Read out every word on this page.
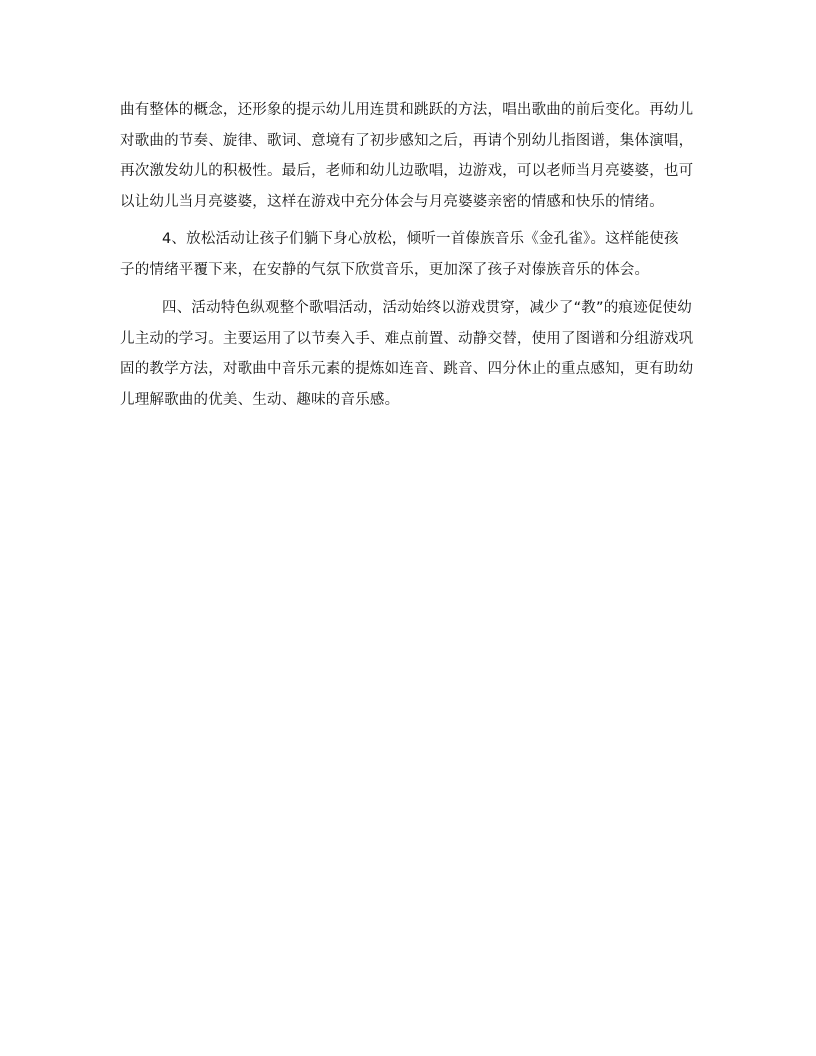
曲有整体的概念，还形象的提示幼儿用连贯和跳跃的方法，唱出歌曲的前后变化。再幼儿
对歌曲的节奏、旋律、歌词、意境有了初步感知之后，再请个别幼儿指图谱，集体演唱，
再次激发幼儿的积极性。最后，老师和幼儿边歌唱，边游戏，可以老师当月亮婆婆，也可
以让幼儿当月亮婆婆，这样在游戏中充分体会与月亮婆婆亲密的情感和快乐的情绪。

4、放松活动让孩子们躺下身心放松，倾听一首傣族音乐《金孔雀》。这样能使孩
子的情绪平覆下来，在安静的气氛下欣赏音乐，更加深了孩子对傣族音乐的体会。

四、活动特色纵观整个歌唱活动，活动始终以游戏贯穿，减少了“教”的痕迹促使幼
儿主动的学习。主要运用了以节奏入手、难点前置、动静交替，使用了图谱和分组游戏巩
固的教学方法，对歌曲中音乐元素的提炼如连音、跳音、四分休止的重点感知，更有助幼
儿理解歌曲的优美、生动、趣味的音乐感。
